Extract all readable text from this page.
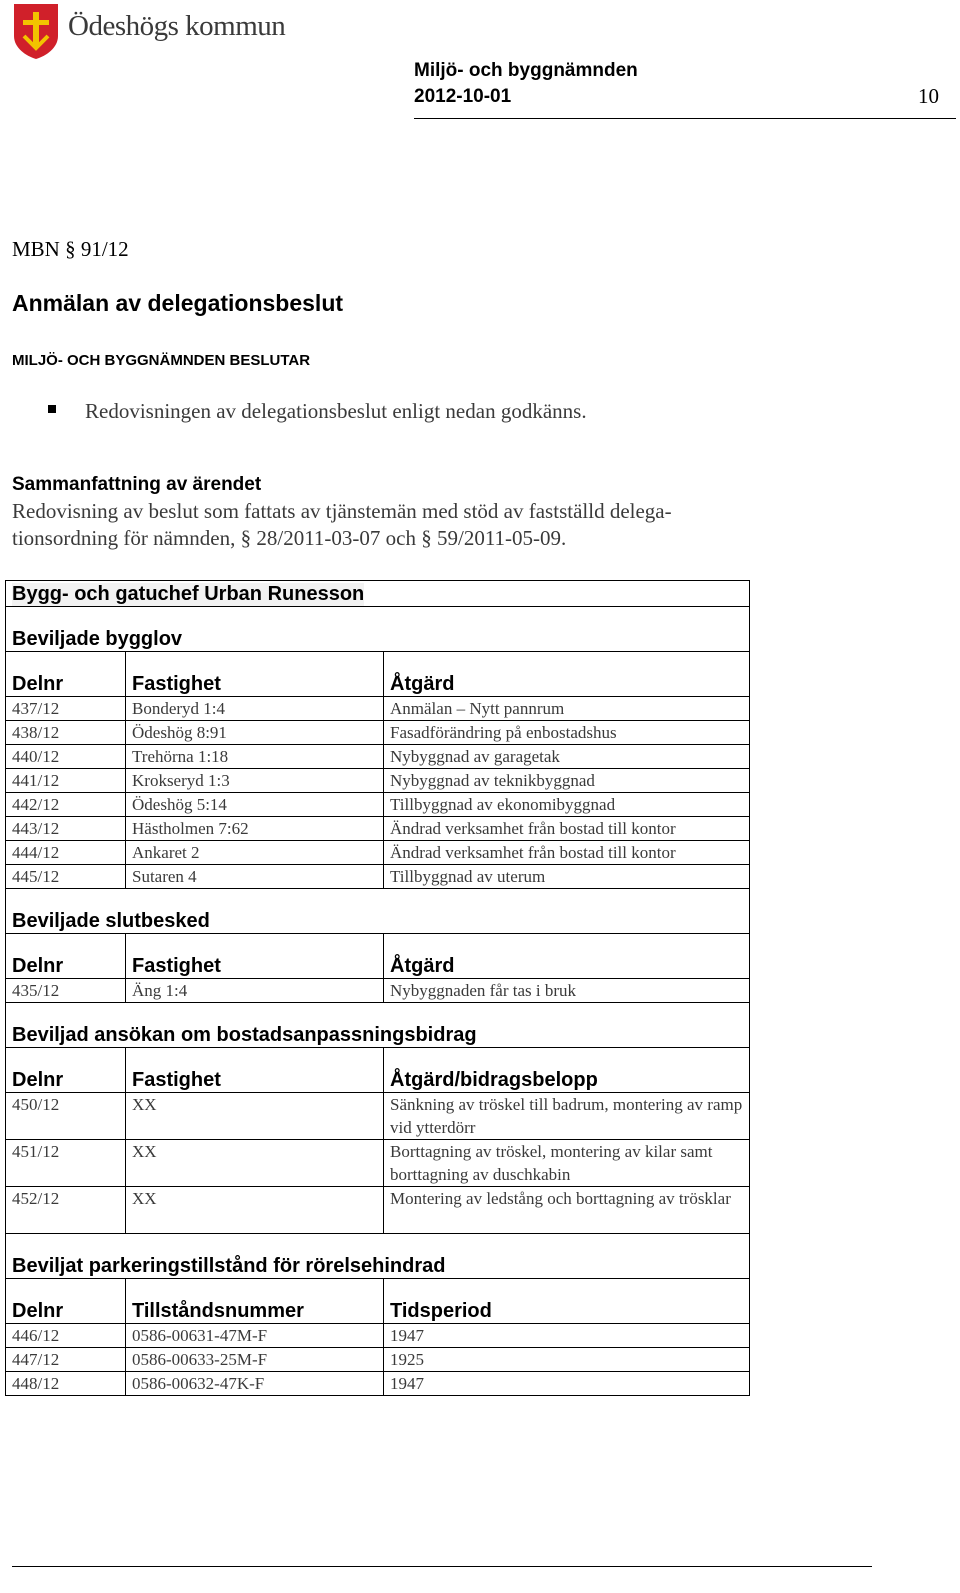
Ödeshögs kommun
Miljö- och byggnämnden
2012-10-01	10
MBN § 91/12
Anmälan av delegationsbeslut
MILJÖ- OCH BYGGNÄMNDEN BESLUTAR
Redovisningen av delegationsbeslut enligt nedan godkänns.
Sammanfattning av ärendet
Redovisning av beslut som fattats av tjänstemän med stöd av fastställd delega-
tionsordning för nämnden, § 28/2011-03-07 och § 59/2011-05-09.
Bygg- och gatuchef Urban Runesson		
Beviljade bygglov		
Delnr	Fastighet	Åtgärd
437/12	Bonderyd 1:4	Anmälan – Nytt pannrum
438/12	Ödeshög 8:91	Fasadförändring på enbostadshus
440/12	Trehörna 1:18	Nybyggnad av garagetak
441/12	Krokseryd 1:3	Nybyggnad av teknikbyggnad
442/12	Ödeshög 5:14	Tillbyggnad av ekonomibyggnad
443/12	Hästholmen 7:62	Ändrad verksamhet från bostad till kontor
444/12	Ankaret 2	Ändrad verksamhet från bostad till kontor
445/12	Sutaren 4	Tillbyggnad av uterum
Beviljade slutbesked		
Delnr	Fastighet	Åtgärd
435/12	Äng 1:4	Nybyggnaden får tas i bruk
Beviljad ansökan om bostadsanpassningsbidrag		
Delnr	Fastighet	Åtgärd/bidragsbelopp
450/12	XX	Sänkning av tröskel till badrum, montering av ramp vid ytterdörr
451/12	XX	Borttagning av tröskel, montering av kilar samt borttagning av duschkabin
452/12	XX	Montering av ledstång och borttagning av trösklar
Beviljat parkeringstillstånd för rörelsehindrad		
Delnr	Tillståndsnummer	Tidsperiod
446/12	0586-00631-47M-F	1947
447/12	0586-00633-25M-F	1925
448/12	0586-00632-47K-F	1947
